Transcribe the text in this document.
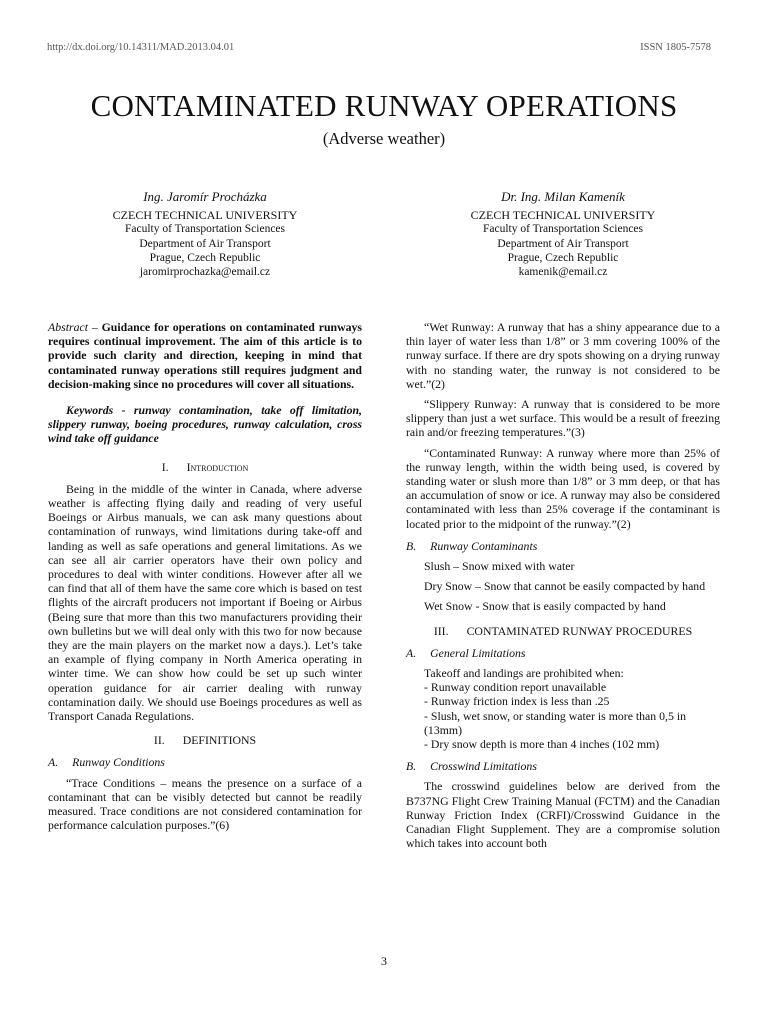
http://dx.doi.org/10.14311/MAD.2013.04.01	ISSN 1805-7578
CONTAMINATED RUNWAY OPERATIONS
(Adverse weather)
Ing. Jaromír Procházka
CZECH TECHNICAL UNIVERSITY
Faculty of Transportation Sciences
Department of Air Transport
Prague, Czech Republic
jaromirprochazka@email.cz
Dr. Ing. Milan Kameník
CZECH TECHNICAL UNIVERSITY
Faculty of Transportation Sciences
Department of Air Transport
Prague, Czech Republic
kamenik@email.cz

Abstract – Guidance for operations on contaminated runways requires continual improvement. The aim of this article is to provide such clarity and direction, keeping in mind that contaminated runway operations still requires judgment and decision-making since no procedures will cover all situations.

Keywords - runway contamination, take off limitation, slippery runway, boeing procedures, runway calculation, cross wind take off guidance

I. Introduction

Being in the middle of the winter in Canada, where adverse weather is affecting flying daily and reading of very useful Boeings or Airbus manuals, we can ask many questions about contamination of runways, wind limitations during take-off and landing as well as safe operations and general limitations. As we can see all air carrier operators have their own policy and procedures to deal with winter conditions. However after all we can find that all of them have the same core which is based on test flights of the aircraft producers not important if Boeing or Airbus (Being sure that more than this two manufacturers providing their own bulletins but we will deal only with this two for now because they are the main players on the market now a days.). Let’s take an example of flying company in North America operating in winter time. We can show how could be set up such winter operation guidance for air carrier dealing with runway contamination daily. We should use Boeings procedures as well as Transport Canada Regulations.

II. DEFINITIONS
A. Runway Conditions

“Trace Conditions – means the presence on a surface of a contaminant that can be visibly detected but cannot be readily measured. Trace conditions are not considered contamination for performance calculation purposes.”(6)

“Wet Runway: A runway that has a shiny appearance due to a thin layer of water less than 1/8” or 3 mm covering 100% of the runway surface. If there are dry spots showing on a drying runway with no standing water, the runway is not considered to be wet.”(2)

“Slippery Runway: A runway that is considered to be more slippery than just a wet surface. This would be a result of freezing rain and/or freezing temperatures.”(3)

“Contaminated Runway: A runway where more than 25% of the runway length, within the width being used, is covered by standing water or slush more than 1/8” or 3 mm deep, or that has an accumulation of snow or ice. A runway may also be considered contaminated with less than 25% coverage if the contaminant is located prior to the midpoint of the runway.”(2)

B. Runway Contaminants

Slush – Snow mixed with water

Dry Snow – Snow that cannot be easily compacted by hand

Wet Snow - Snow that is easily compacted by hand

III. CONTAMINATED RUNWAY PROCEDURES
A. General Limitations

Takeoff and landings are prohibited when:

- Runway condition report unavailable

- Runway friction index is less than .25

- Slush, wet snow, or standing water is more than 0,5 in (13mm)

- Dry snow depth is more than 4 inches (102 mm)

B. Crosswind Limitations

The crosswind guidelines below are derived from the B737NG Flight Crew Training Manual (FCTM) and the Canadian Runway Friction Index (CRFI)/Crosswind Guidance in the Canadian Flight Supplement. They are a compromise solution which takes into account both

3
